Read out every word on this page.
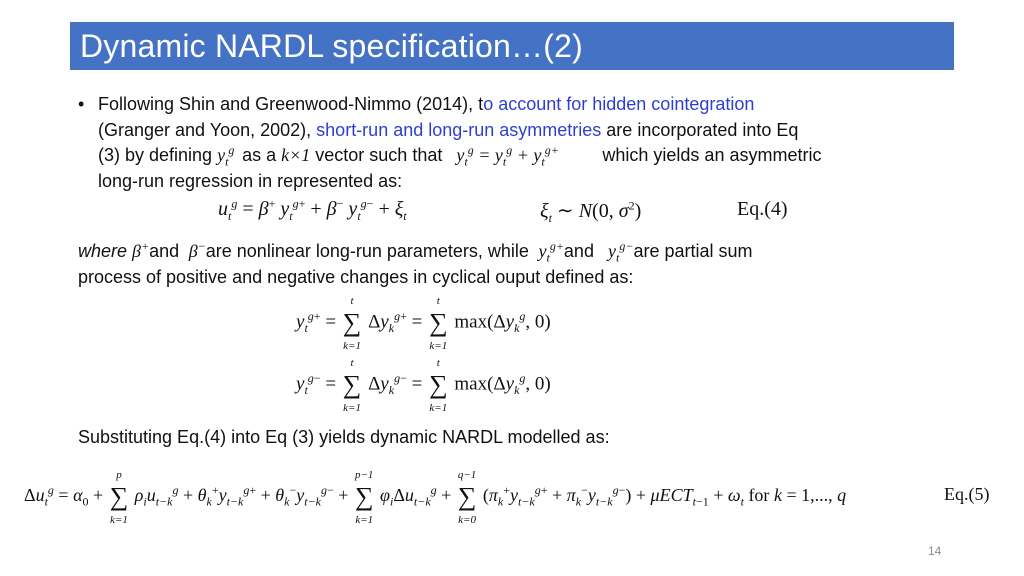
Dynamic NARDL specification…(2)
• Following Shin and Greenwood-Nimmo (2014), to account for hidden cointegration
(Granger and Yoon, 2002), short-run and long-run asymmetries are incorporated into Eq
(3) by defining $y_t^g$ as a k×1 vector such that   $y_t^g = y_t^g + y_t^{g+}$ which yields an asymmetric
long-run regression in represented as:
$u_t^g = \beta^+$ $y_t^{g+} + \beta^-$ $y_t^{g-} + \xi_t$	$\xi_t$ ∼ N(0, $\sigma^2$)	Eq.(4)
where β+and  β−are nonlinear long-run parameters, while  $y_t^{g+}and$   $y_t^{g-}are$ partial sum
process of positive and negative changes in cyclical ouput defined as:
$y_t^{g+}$ = ∑
t
k=1
$\Delta y_k^{g+}$ = ∑
t
k=1
$\max(\Delta y_k^g$, 0)
$y_t^{g-}$ = ∑
t
k=1
$\Delta y_k^{g-}$ = ∑
t
k=1
$\max(\Delta y_k^g$, 0)
Substituting Eq.(4) into Eq (3) yields dynamic NARDL modelled as:
$\Delta u_t^g = \alpha_0$ + ∑
p
k=1
$\rho_iu_{t-k}^g + \theta_k^+y_{t-k}^{g+} + \theta_k^-y_{t-k}^{g-}$ + ∑
p−1
k=1
$\varphi_i\Delta u_{t-k}^g$ + ∑
q−1
k=0
$(\pi_k^+y_{t-k}^{g+} + \pi_k^-y_{t-k}^{g-}) + \mu ECT_{t-1} + \omega_t$ for k = 1,..., q	Eq.(5)
14
